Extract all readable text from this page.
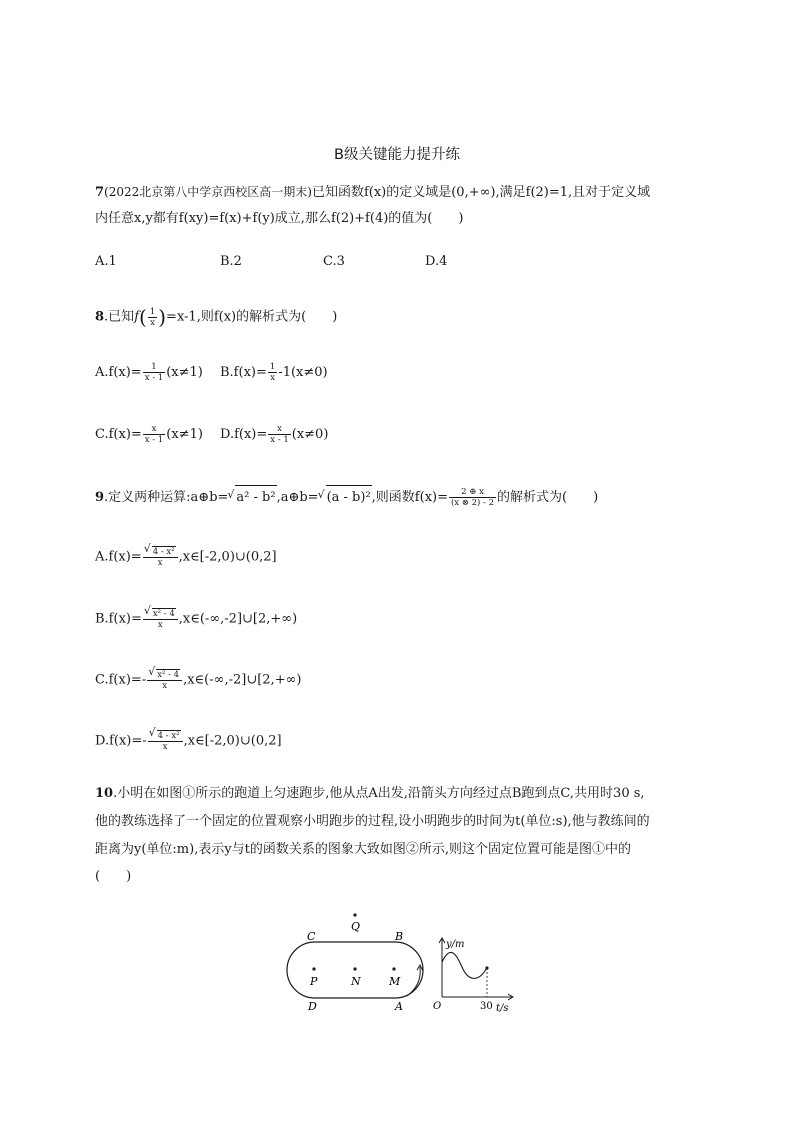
B级关键能力提升练
7(2022北京第八中学京西校区高一期末)已知函数f(x)的定义域是(0,+∞),满足f(2)=1,且对于定义域
内任意x,y都有f(xy)=f(x)+f(y)成立,那么f(2)+f(4)的值为(　　)
A.1	B.2	C.3	D.4
8.已知$f( \frac{1}{x} )=x-1$,则f(x)的解析式为(　　)
$A.f(x)= \frac{1}{x - 1} (x\ne 1)$ $B.f(x)= \frac{1}{x} -1(x\ne 0)$
$C.f(x)= \frac{x}{x - 1} (x\ne 1)$ $D.f(x)= \frac{x}{x - 1} (x\ne 0)$
9.定义两种运算:a⊕b= √ a² - b²,a⊕b= √ (a - b)²,则函数$f(x)= \frac{2 \oplus x}{(x \otimes 2) - 2}$ 的解析式为(　　)
A.f(x)= √ $\frac{\text{4 - x²}}{x}$ ,x∈[-2,0)∪(0,2]
B.f(x)= √ $\frac{\text{x² - 4}}{x}$ ,x∈(-∞,-2]∪[2,+∞)
C.f(x)=- √ $\frac{\text{x² - 4}}{x}$ ,x∈(-∞,-2]∪[2,+∞)
D.f(x)=- √ $\frac{\text{4 - x²}}{x}$ ,x∈[-2,0)∪(0,2]
10.小明在如图①所示的跑道上匀速跑步,他从点A出发,沿箭头方向经过点B跑到点C,共用时30 s,
他的教练选择了一个固定的位置观察小明跑步的过程,设小明跑步的时间为t(单位:s),他与教练间的
距离为y(单位:m),表示y与t的函数关系的图象大致如图②所示,则这个固定位置可能是图①中的
(　　)
Q
C	B
P	N	M
D	A
y/m
O	30 t/s
